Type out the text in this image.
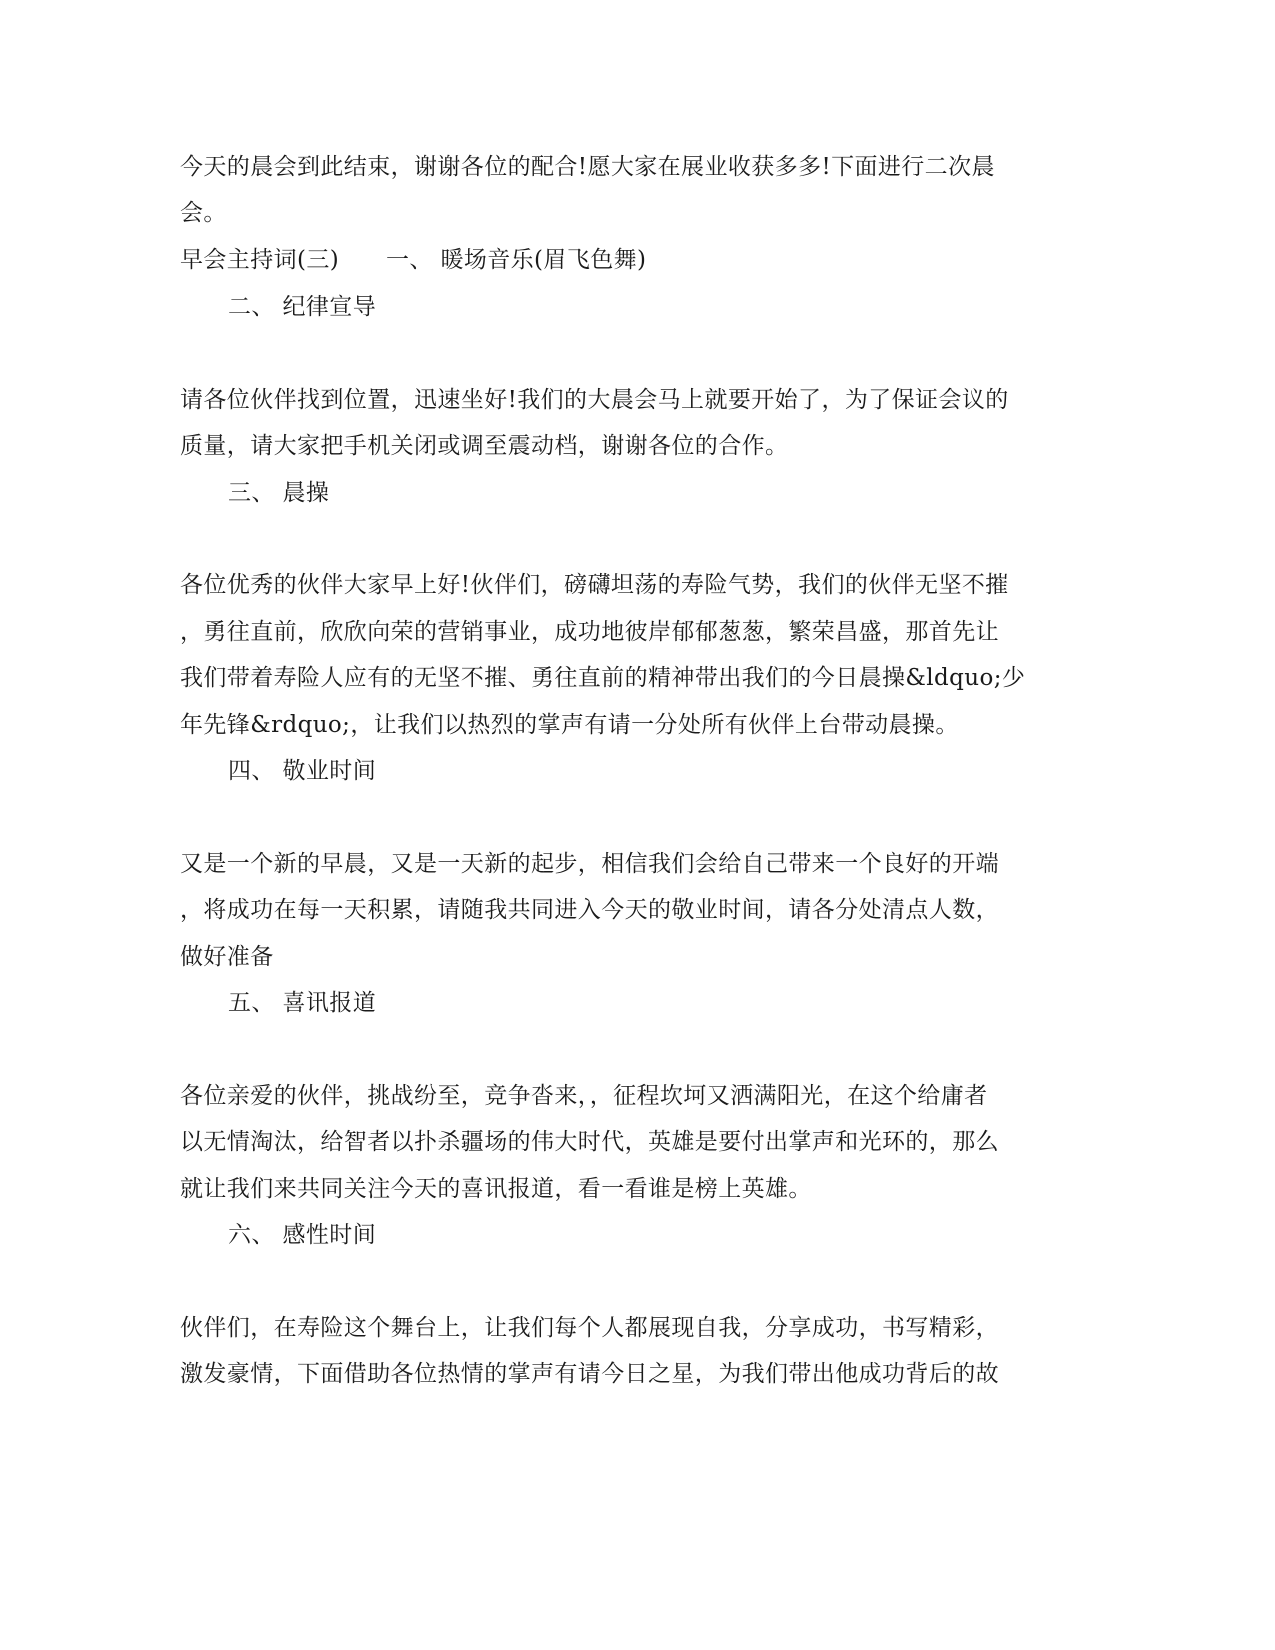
今天的晨会到此结束，谢谢各位的配合!愿大家在展业收获多多!下面进行二次晨
会。
早会主持词(三)　　一、 暖场音乐(眉飞色舞)
二、 纪律宣导
请各位伙伴找到位置，迅速坐好!我们的大晨会马上就要开始了，为了保证会议的
质量，请大家把手机关闭或调至震动档，谢谢各位的合作。
三、 晨操
各位优秀的伙伴大家早上好!伙伴们，磅礴坦荡的寿险气势，我们的伙伴无坚不摧
，勇往直前，欣欣向荣的营销事业，成功地彼岸郁郁葱葱，繁荣昌盛，那首先让
我们带着寿险人应有的无坚不摧、勇往直前的精神带出我们的今日晨操&ldquo;少
年先锋&rdquo;，让我们以热烈的掌声有请一分处所有伙伴上台带动晨操。
四、 敬业时间
又是一个新的早晨，又是一天新的起步，相信我们会给自己带来一个良好的开端
，将成功在每一天积累，请随我共同进入今天的敬业时间，请各分处清点人数，
做好准备
五、 喜讯报道
各位亲爱的伙伴，挑战纷至，竞争沓来，，征程坎坷又洒满阳光，在这个给庸者
以无情淘汰，给智者以扑杀疆场的伟大时代，英雄是要付出掌声和光环的，那么
就让我们来共同关注今天的喜讯报道，看一看谁是榜上英雄。
六、 感性时间
伙伴们，在寿险这个舞台上，让我们每个人都展现自我，分享成功，书写精彩，
激发豪情，下面借助各位热情的掌声有请今日之星，为我们带出他成功背后的故
